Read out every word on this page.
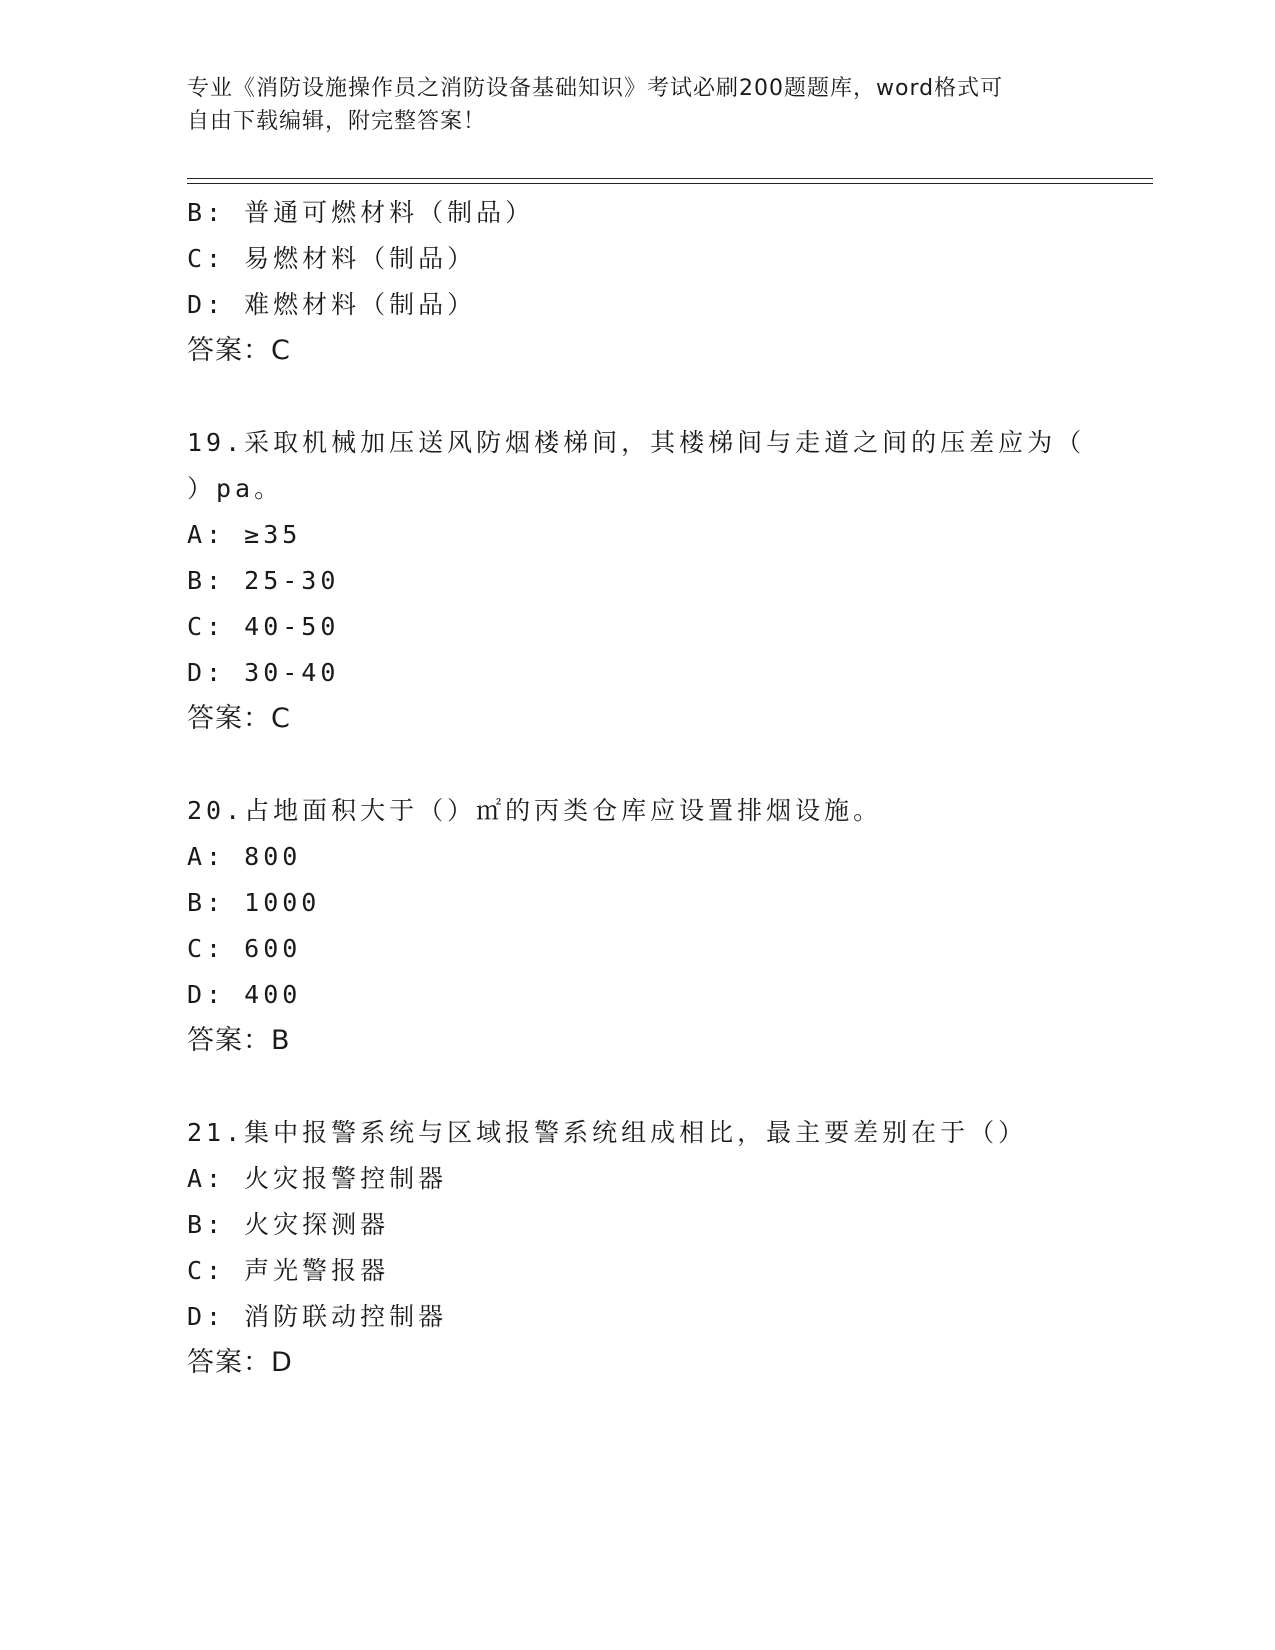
专业《消防设施操作员之消防设备基础知识》考试必刷200题题库，word格式可
自由下载编辑，附完整答案！
B: 普通可燃材料（制品）
C: 易燃材料（制品）
D: 难燃材料（制品）
答案：C
19.采取机械加压送风防烟楼梯间，其楼梯间与走道之间的压差应为（
）pa。
A: ≥35
B: 25-30
C: 40-50
D: 30-40
答案：C
20.占地面积大于（）㎡的丙类仓库应设置排烟设施。
A: 800
B: 1000
C: 600
D: 400
答案：B
21.集中报警系统与区域报警系统组成相比，最主要差别在于（）
A: 火灾报警控制器
B: 火灾探测器
C: 声光警报器
D: 消防联动控制器
答案：D
